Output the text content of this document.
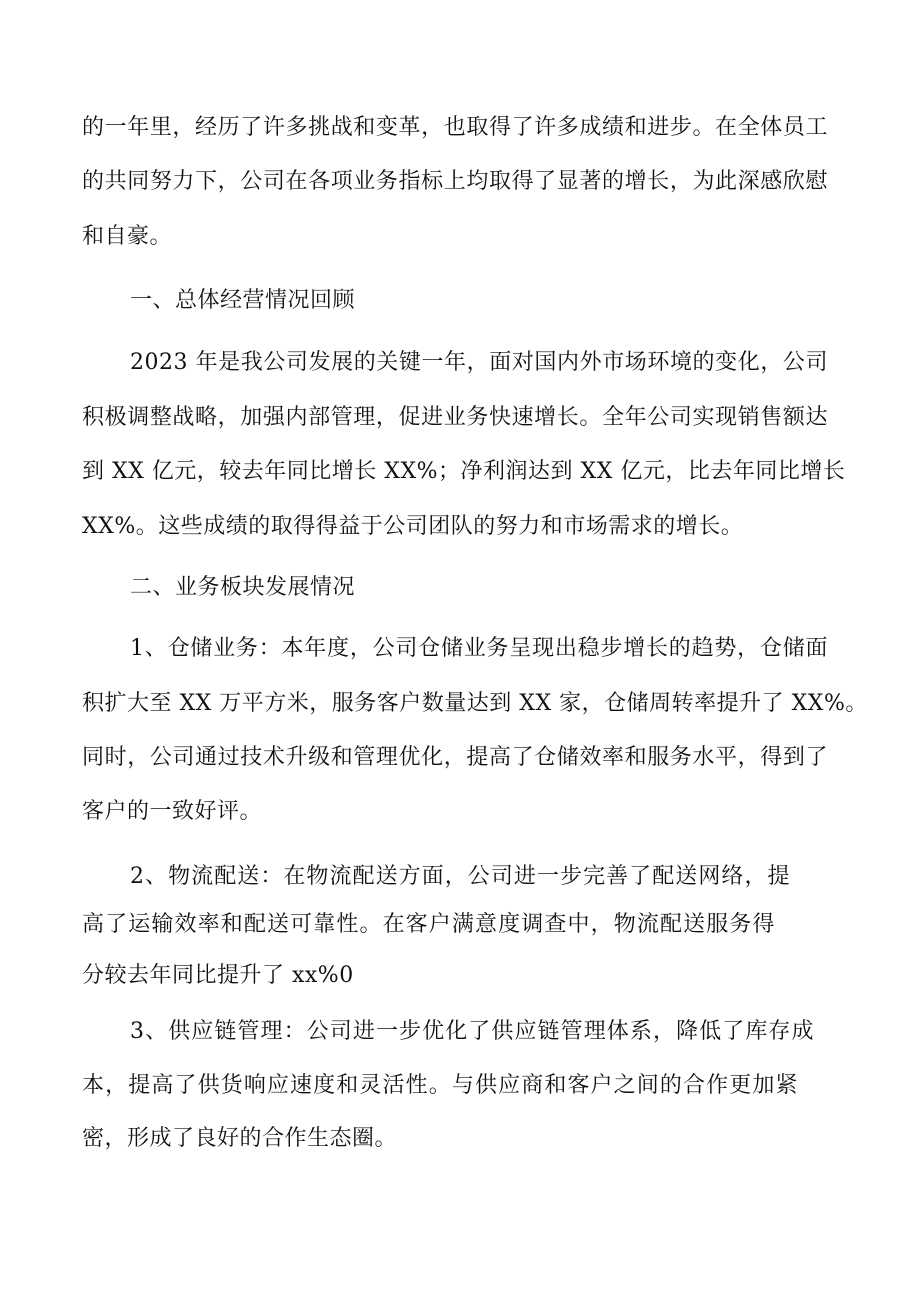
的一年里，经历了许多挑战和变革，也取得了许多成绩和进步。在全体员工
的共同努力下，公司在各项业务指标上均取得了显著的增长，为此深感欣慰
和自豪。
一、总体经营情况回顾
2023 年是我公司发展的关键一年，面对国内外市场环境的变化，公司
积极调整战略，加强内部管理，促进业务快速增长。全年公司实现销售额达
到 XX 亿元，较去年同比增长 XX%；净利润达到 XX 亿元，比去年同比增长
XX%。这些成绩的取得得益于公司团队的努力和市场需求的增长。
二、业务板块发展情况
1、仓储业务：本年度，公司仓储业务呈现出稳步增长的趋势，仓储面
积扩大至 XX 万平方米，服务客户数量达到 XX 家，仓储周转率提升了 XX%。
同时，公司通过技术升级和管理优化，提高了仓储效率和服务水平，得到了
客户的一致好评。
2、物流配送：在物流配送方面，公司进一步完善了配送网络，提
高了运输效率和配送可靠性。在客户满意度调查中，物流配送服务得
分较去年同比提升了 xx%0
3、供应链管理：公司进一步优化了供应链管理体系，降低了库存成
本，提高了供货响应速度和灵活性。与供应商和客户之间的合作更加紧
密，形成了良好的合作生态圈。
